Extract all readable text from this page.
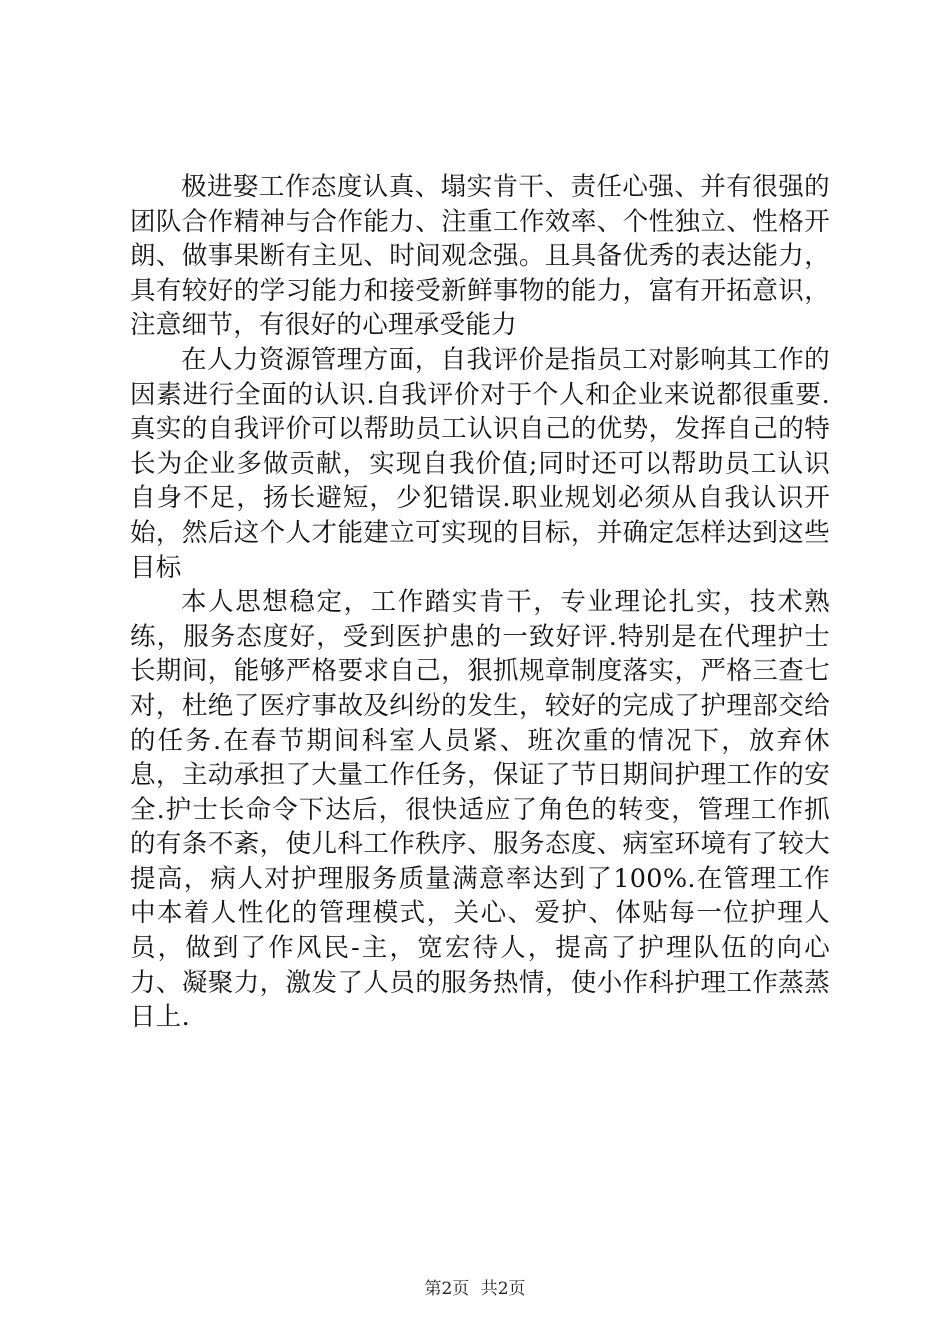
极进娶工作态度认真、塌实肯干、责任心强、并有很强的团队合作精神与合作能力、注重工作效率、个性独立、性格开朗、做事果断有主见、时间观念强。且具备优秀的表达能力，具有较好的学习能力和接受新鲜事物的能力，富有开拓意识，注意细节，有很好的心理承受能力

在人力资源管理方面，自我评价是指员工对影响其工作的因素进行全面的认识.自我评价对于个人和企业来说都很重要.真实的自我评价可以帮助员工认识自己的优势，发挥自己的特长为企业多做贡献，实现自我价值;同时还可以帮助员工认识自身不足，扬长避短，少犯错误.职业规划必须从自我认识开始，然后这个人才能建立可实现的目标，并确定怎样达到这些目标

本人思想稳定，工作踏实肯干，专业理论扎实，技术熟练，服务态度好，受到医护患的一致好评.特别是在代理护士长期间，能够严格要求自己，狠抓规章制度落实，严格三查七对，杜绝了医疗事故及纠纷的发生，较好的完成了护理部交给的任务.在春节期间科室人员紧、班次重的情况下，放弃休息，主动承担了大量工作任务，保证了节日期间护理工作的安全.护士长命令下达后，很快适应了角色的转变，管理工作抓的有条不紊，使儿科工作秩序、服务态度、病室环境有了较大提高，病人对护理服务质量满意率达到了100%.在管理工作中本着人性化的管理模式，关心、爱护、体贴每一位护理人员，做到了作风民-主，宽宏待人，提高了护理队伍的向心力、凝聚力，激发了人员的服务热情，使小作科护理工作蒸蒸日上.

第2页 共2页
